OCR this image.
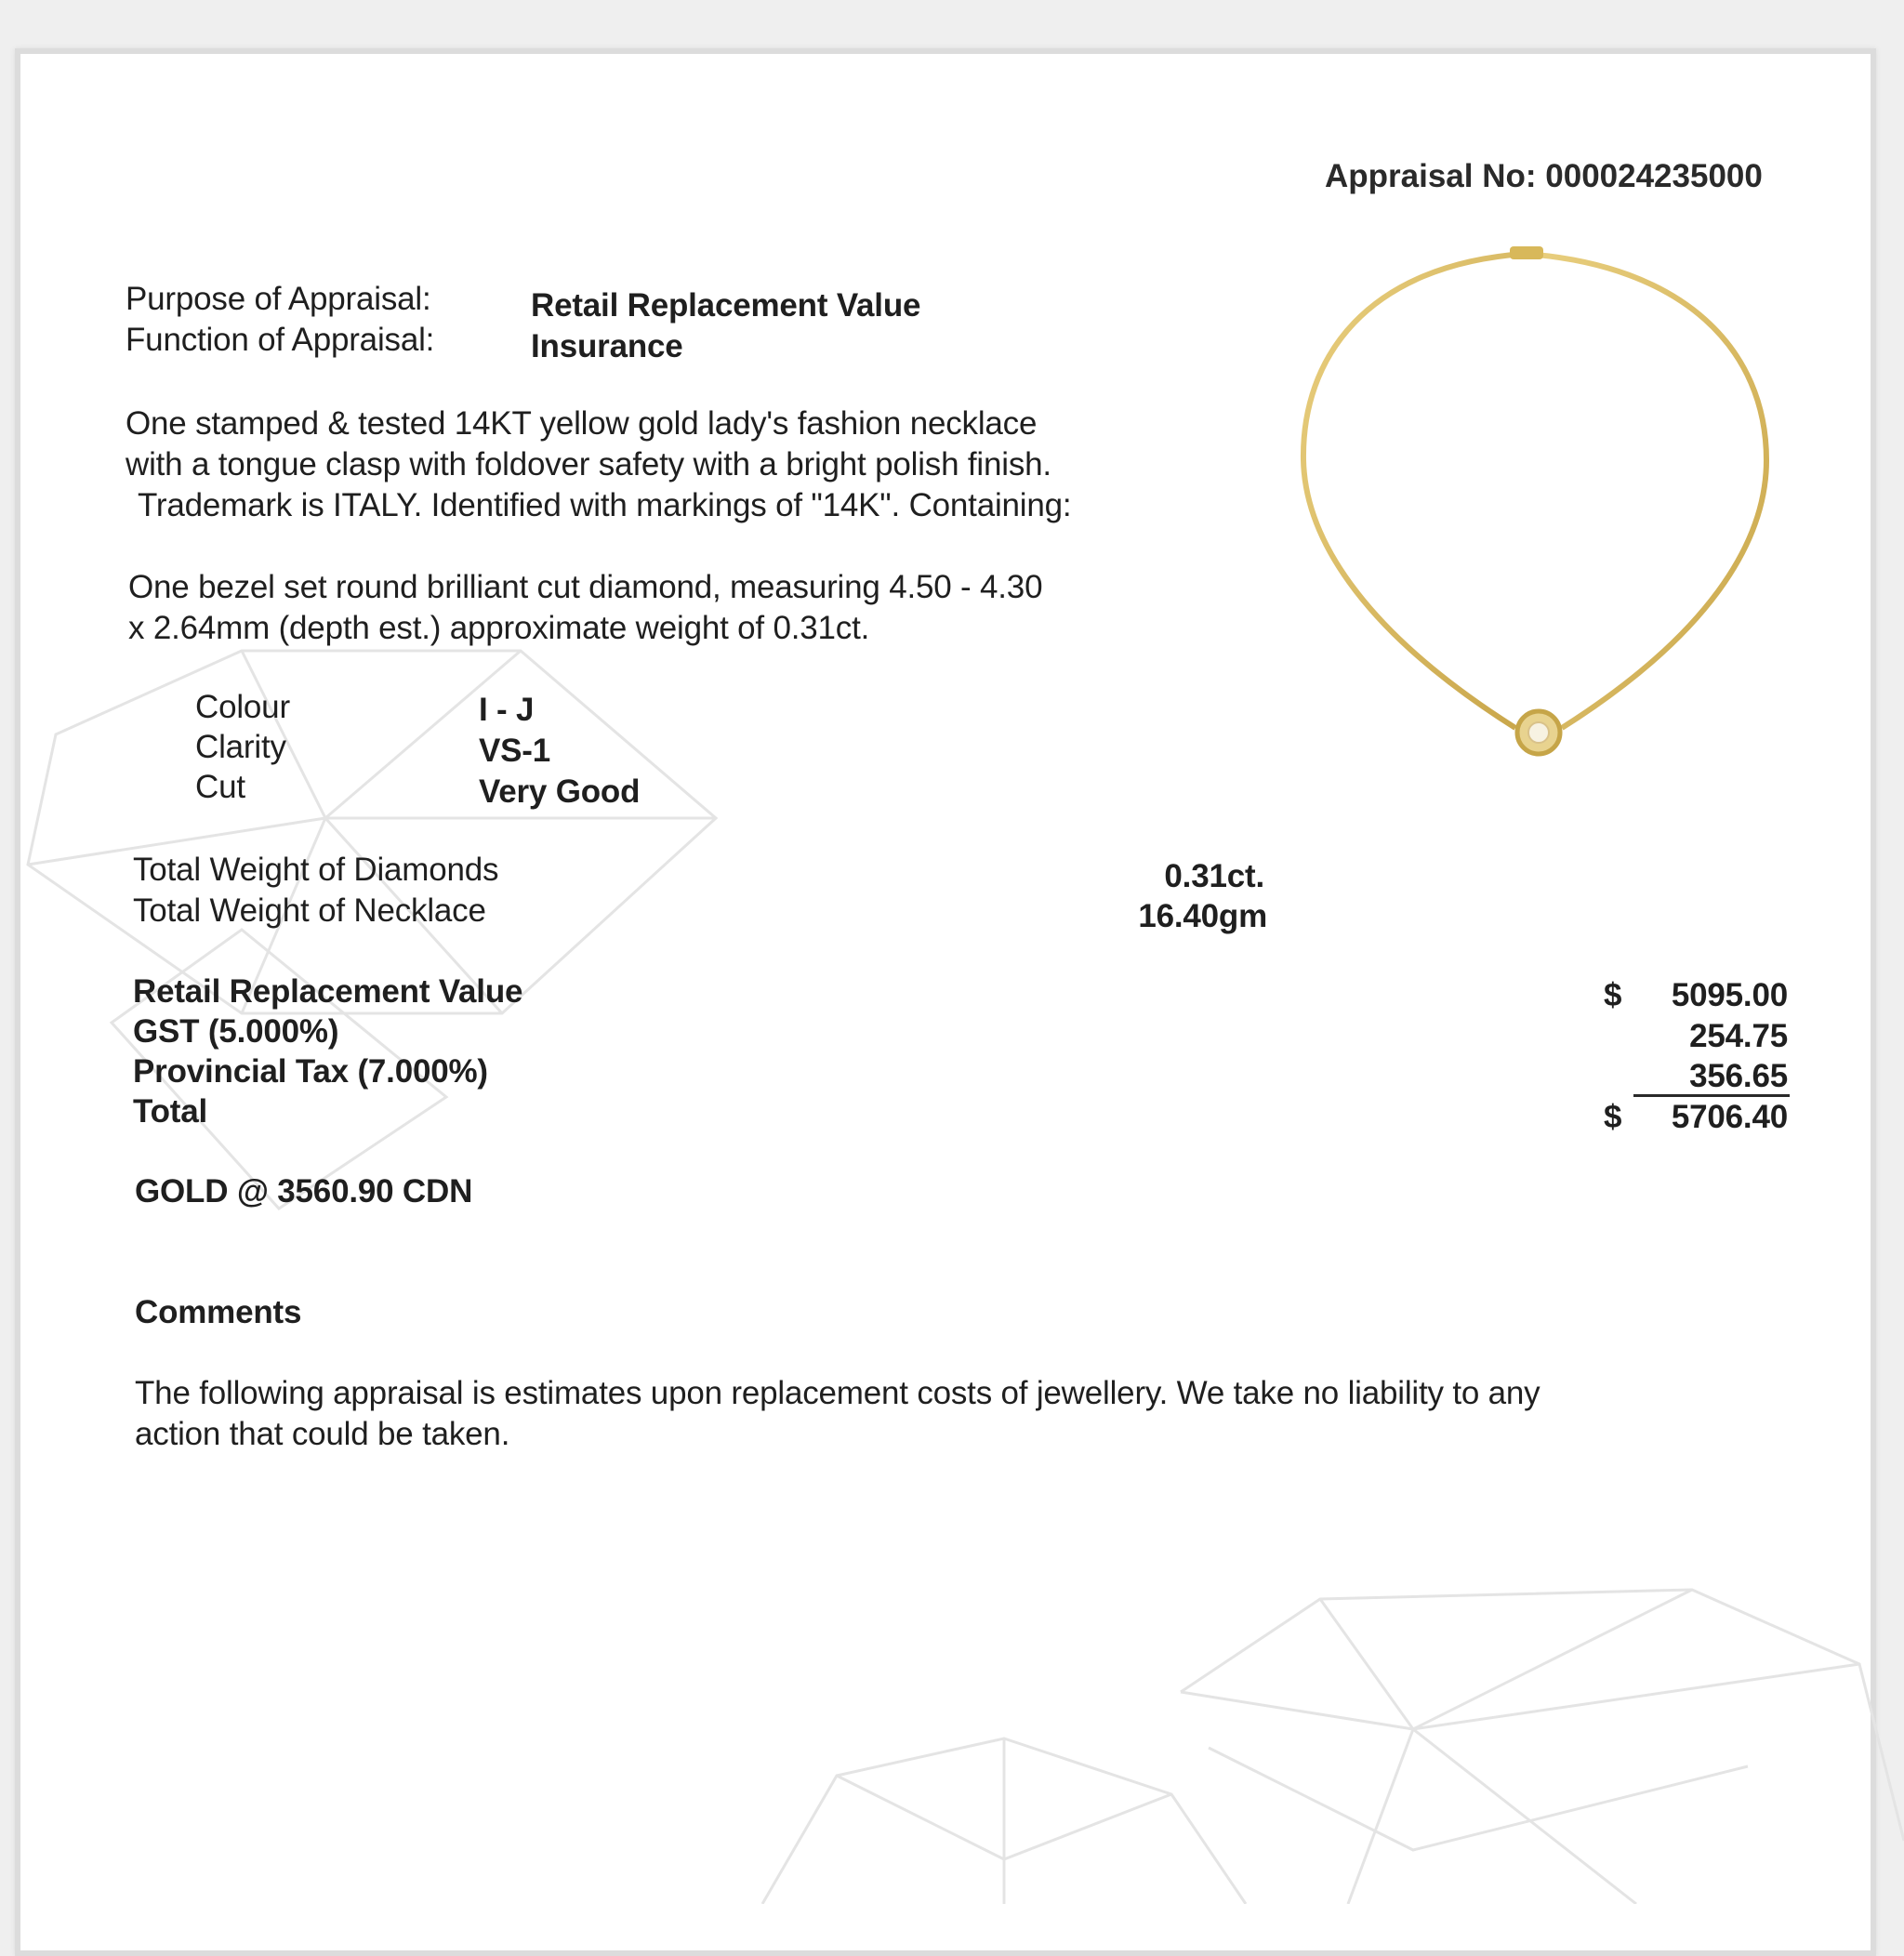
Appraisal No: 000024235000
Purpose of Appraisal:	Retail Replacement Value
Function of Appraisal:	Insurance
One stamped & tested 14KT yellow gold lady's fashion necklace
with a tongue clasp with foldover safety with a bright polish finish.
Trademark is ITALY. Identified with markings of "14K". Containing:
One bezel set round brilliant cut diamond, measuring 4.50 - 4.30
x 2.64mm (depth est.) approximate weight of 0.31ct.
Colour	I - J
Clarity	VS-1
Cut	Very Good
Total Weight of Diamonds	0.31ct.
Total Weight of Necklace	16.40gm
Retail Replacement Value	$	5095.00
GST (5.000%)	254.75
Provincial Tax (7.000%)	356.65
Total	$	5706.40
GOLD @ 3560.90 CDN
Comments
The following appraisal is estimates upon replacement costs of jewellery. We take no liability to any
action that could be taken.
